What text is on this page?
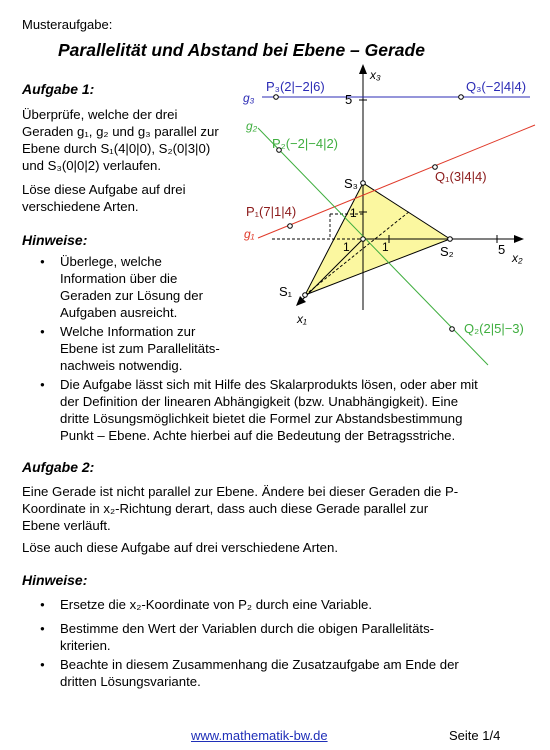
Musteraufgabe:
Parallelität und Abstand bei Ebene – Gerade
Aufgabe 1:
Überprüfe, welche der drei
Geraden g₁, g₂ und g₃ parallel zur
Ebene durch S₁(4|0|0), S₂(0|3|0)
und S₃(0|0|2) verlaufen.
Löse diese Aufgabe auf drei
verschiedene Arten.
Hinweise:
● Überlege, welche
Information über die
Geraden zur Lösung der
Aufgaben ausreicht.
● Welche Information zur
Ebene ist zum Parallelitäts-
nachweis notwendig.
● Die Aufgabe lässt sich mit Hilfe des Skalarprodukts lösen, oder aber mit
der Definition der linearen Abhängigkeit (bzw. Unabhängigkeit). Eine
dritte Lösungsmöglichkeit bietet die Formel zur Abstandsbestimmung
Punkt – Ebene. Achte hierbei auf die Bedeutung der Betragsstriche.
Aufgabe 2:
Eine Gerade ist nicht parallel zur Ebene. Ändere bei dieser Geraden die P-
Koordinate in x₂-Richtung derart, dass auch diese Gerade parallel zur
Ebene verläuft.
Löse auch diese Aufgabe auf drei verschiedene Arten.
Hinweise:
● Ersetze die x₂-Koordinate von P₂ durch eine Variable.
● Bestimme den Wert der Variablen durch die obigen Parallelitäts-
kriterien.
● Beachte in diesem Zusammenhang die Zusatzaufgabe am Ende der
dritten Lösungsvariante.
x₃
x₂
x₁
5
5
1
1	1
S₁
S₂
S₃
g₃
g₂
g₁
P₃(2|−2|6)	Q₃(−2|4|4)
P₂(−2|−4|2)
Q₁(3|4|4)
P₁(7|1|4)
Q₂(2|5|−3)
www.mathematik-bw.de	Seite 1/4
